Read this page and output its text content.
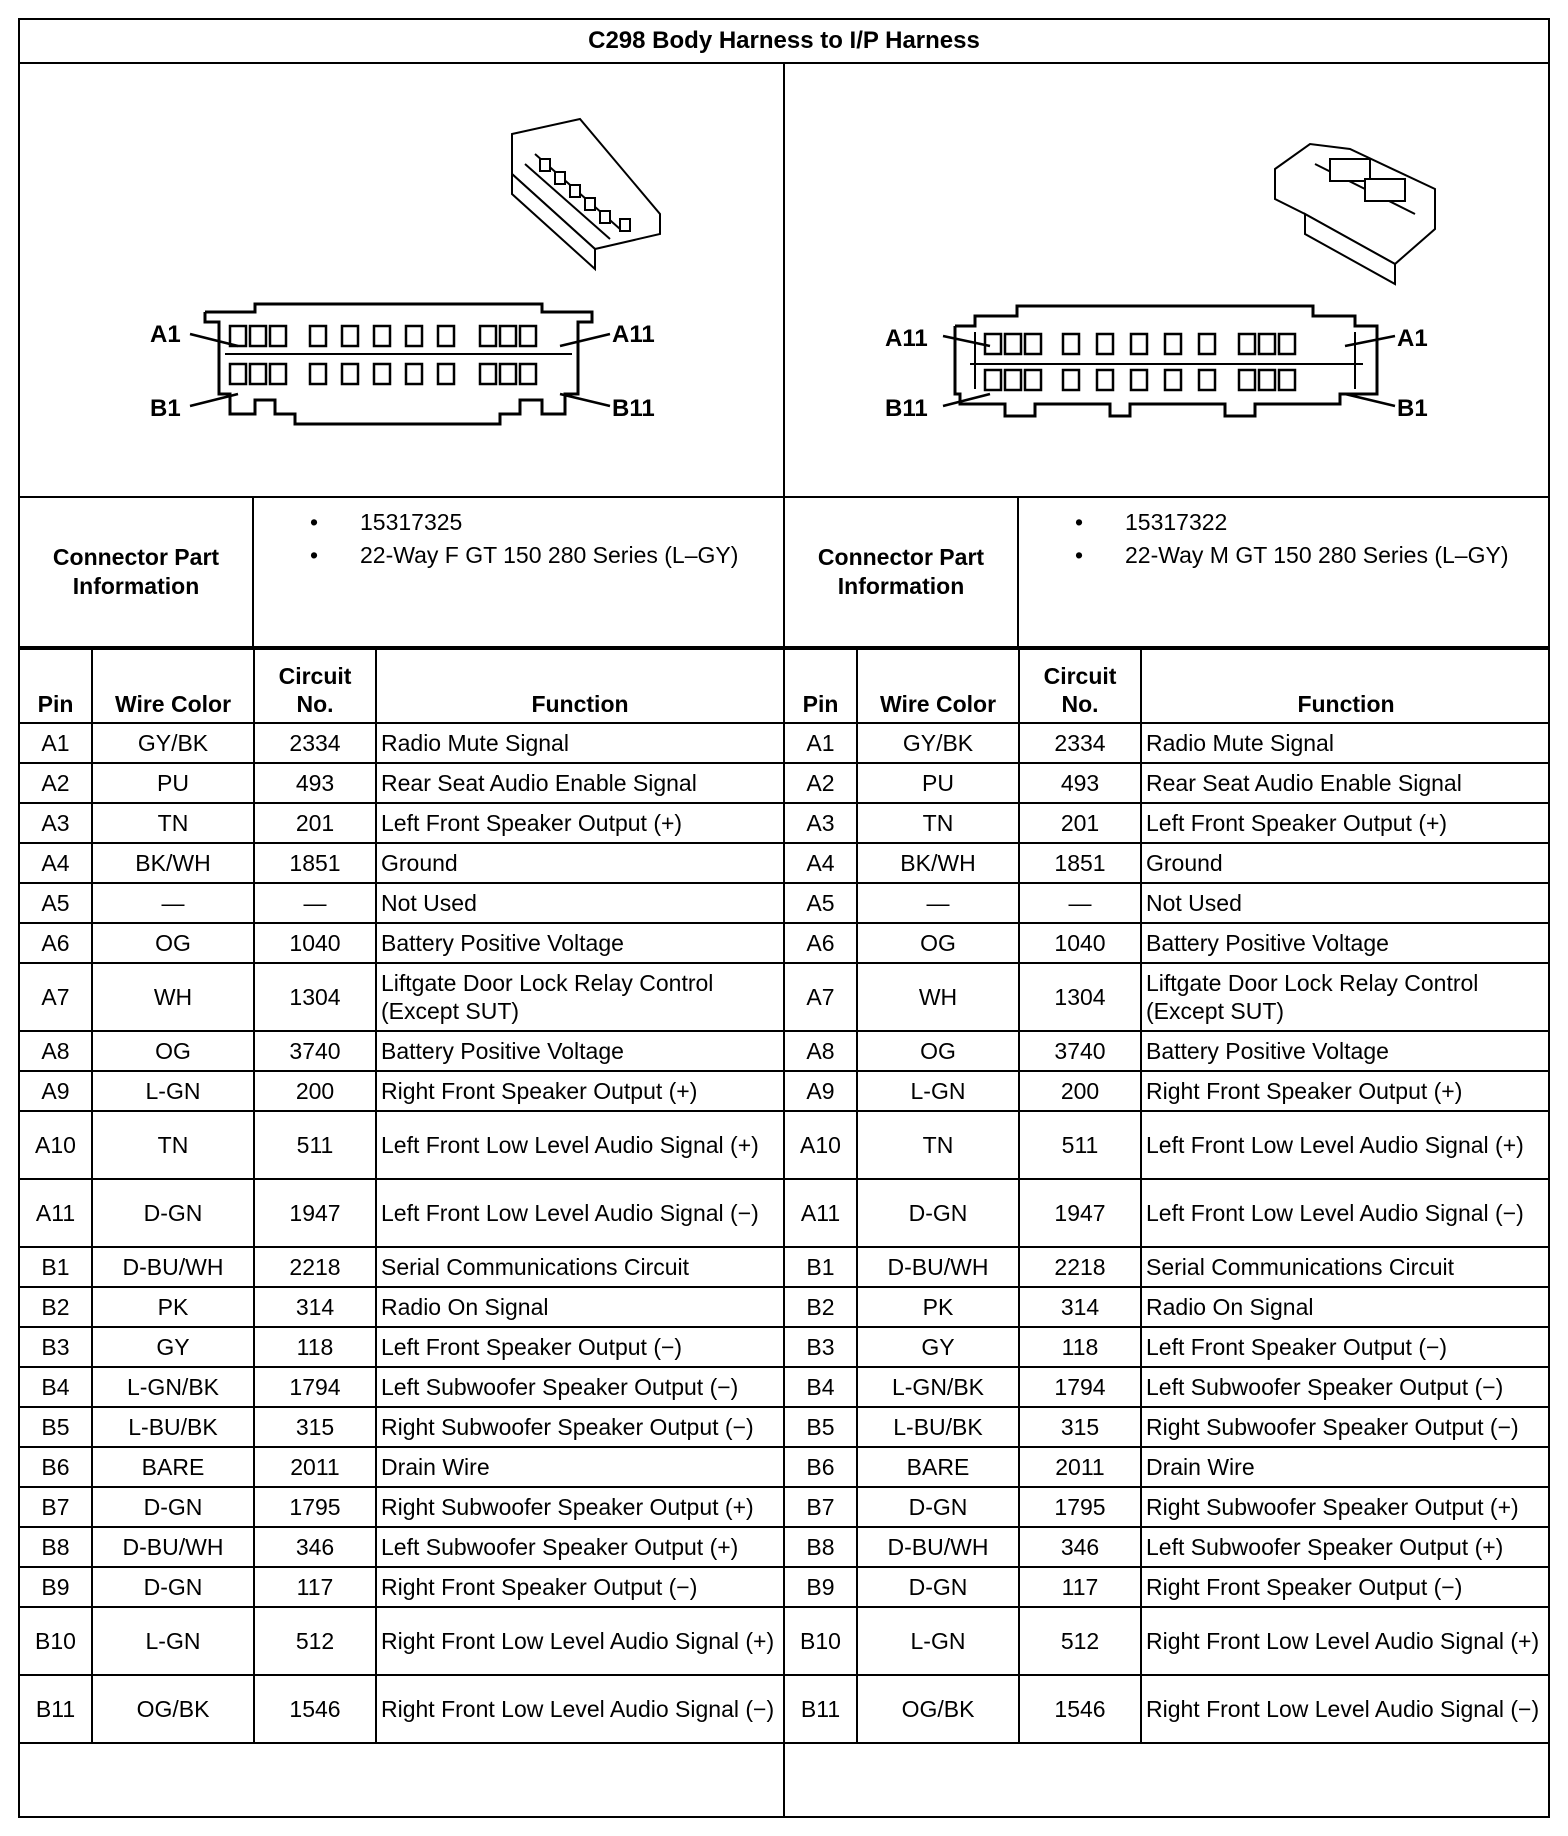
C298 Body Harness to I/P Harness
A1	A11
B1	B11
Connector Part Information
• 15317325
• 22-Way F GT 150 280 Series (L–GY)
Pin	Wire Color	Circuit No.	Function
A1	GY/BK	2334	Radio Mute Signal
A2	PU	493	Rear Seat Audio Enable Signal
A3	TN	201	Left Front Speaker Output (+)
A4	BK/WH	1851	Ground
A5	—	—	Not Used
A6	OG	1040	Battery Positive Voltage
A7	WH	1304	Liftgate Door Lock Relay Control (Except SUT)
A8	OG	3740	Battery Positive Voltage
A9	L-GN	200	Right Front Speaker Output (+)
A10	TN	511	Left Front Low Level Audio Signal (+)
A11	D-GN	1947	Left Front Low Level Audio Signal (−)
B1	D-BU/WH	2218	Serial Communications Circuit
B2	PK	314	Radio On Signal
B3	GY	118	Left Front Speaker Output (−)
B4	L-GN/BK	1794	Left Subwoofer Speaker Output (−)
B5	L-BU/BK	315	Right Subwoofer Speaker Output (−)
B6	BARE	2011	Drain Wire
B7	D-GN	1795	Right Subwoofer Speaker Output (+)
B8	D-BU/WH	346	Left Subwoofer Speaker Output (+)
B9	D-GN	117	Right Front Speaker Output (−)
B10	L-GN	512	Right Front Low Level Audio Signal (+)
B11	OG/BK	1546	Right Front Low Level Audio Signal (−)
A11	A1
B11	B1
Connector Part Information
• 15317322
• 22-Way M GT 150 280 Series (L–GY)
Pin	Wire Color	Circuit No.	Function
A1	GY/BK	2334	Radio Mute Signal
A2	PU	493	Rear Seat Audio Enable Signal
A3	TN	201	Left Front Speaker Output (+)
A4	BK/WH	1851	Ground
A5	—	—	Not Used
A6	OG	1040	Battery Positive Voltage
A7	WH	1304	Liftgate Door Lock Relay Control (Except SUT)
A8	OG	3740	Battery Positive Voltage
A9	L-GN	200	Right Front Speaker Output (+)
A10	TN	511	Left Front Low Level Audio Signal (+)
A11	D-GN	1947	Left Front Low Level Audio Signal (−)
B1	D-BU/WH	2218	Serial Communications Circuit
B2	PK	314	Radio On Signal
B3	GY	118	Left Front Speaker Output (−)
B4	L-GN/BK	1794	Left Subwoofer Speaker Output (−)
B5	L-BU/BK	315	Right Subwoofer Speaker Output (−)
B6	BARE	2011	Drain Wire
B7	D-GN	1795	Right Subwoofer Speaker Output (+)
B8	D-BU/WH	346	Left Subwoofer Speaker Output (+)
B9	D-GN	117	Right Front Speaker Output (−)
B10	L-GN	512	Right Front Low Level Audio Signal (+)
B11	OG/BK	1546	Right Front Low Level Audio Signal (−)
